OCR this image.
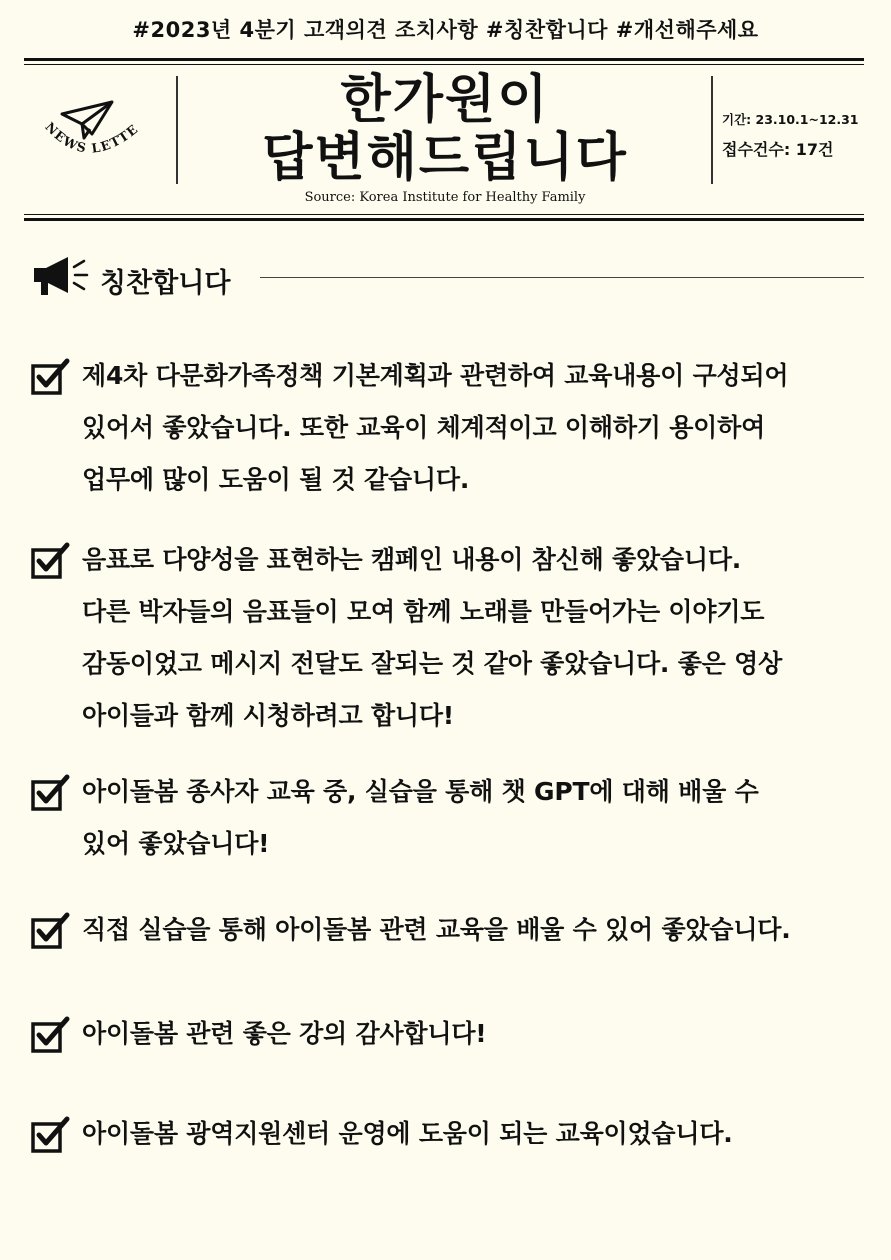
#2023년 4분기 고객의견 조치사항 #칭찬합니다 #개선해주세요
NEWS LETTE
한가원이
답변해드립니다
Source: Korea Institute for Healthy Family
기간: 23.10.1~12.31
접수건수: 17건
칭찬합니다
제4차 다문화가족정책 기본계획과 관련하여 교육내용이 구성되어
있어서 좋았습니다. 또한 교육이 체계적이고 이해하기 용이하여
업무에 많이 도움이 될 것 같습니다.
음표로 다양성을 표현하는 캠페인 내용이 참신해 좋았습니다.
다른 박자들의 음표들이 모여 함께 노래를 만들어가는 이야기도
감동이었고 메시지 전달도 잘되는 것 같아 좋았습니다. 좋은 영상
아이들과 함께 시청하려고 합니다!
아이돌봄 종사자 교육 중, 실습을 통해 챗 GPT에 대해 배울 수
있어 좋았습니다!
직접 실습을 통해 아이돌봄 관련 교육을 배울 수 있어 좋았습니다.
아이돌봄 관련 좋은 강의 감사합니다!
아이돌봄 광역지원센터 운영에 도움이 되는 교육이었습니다.
